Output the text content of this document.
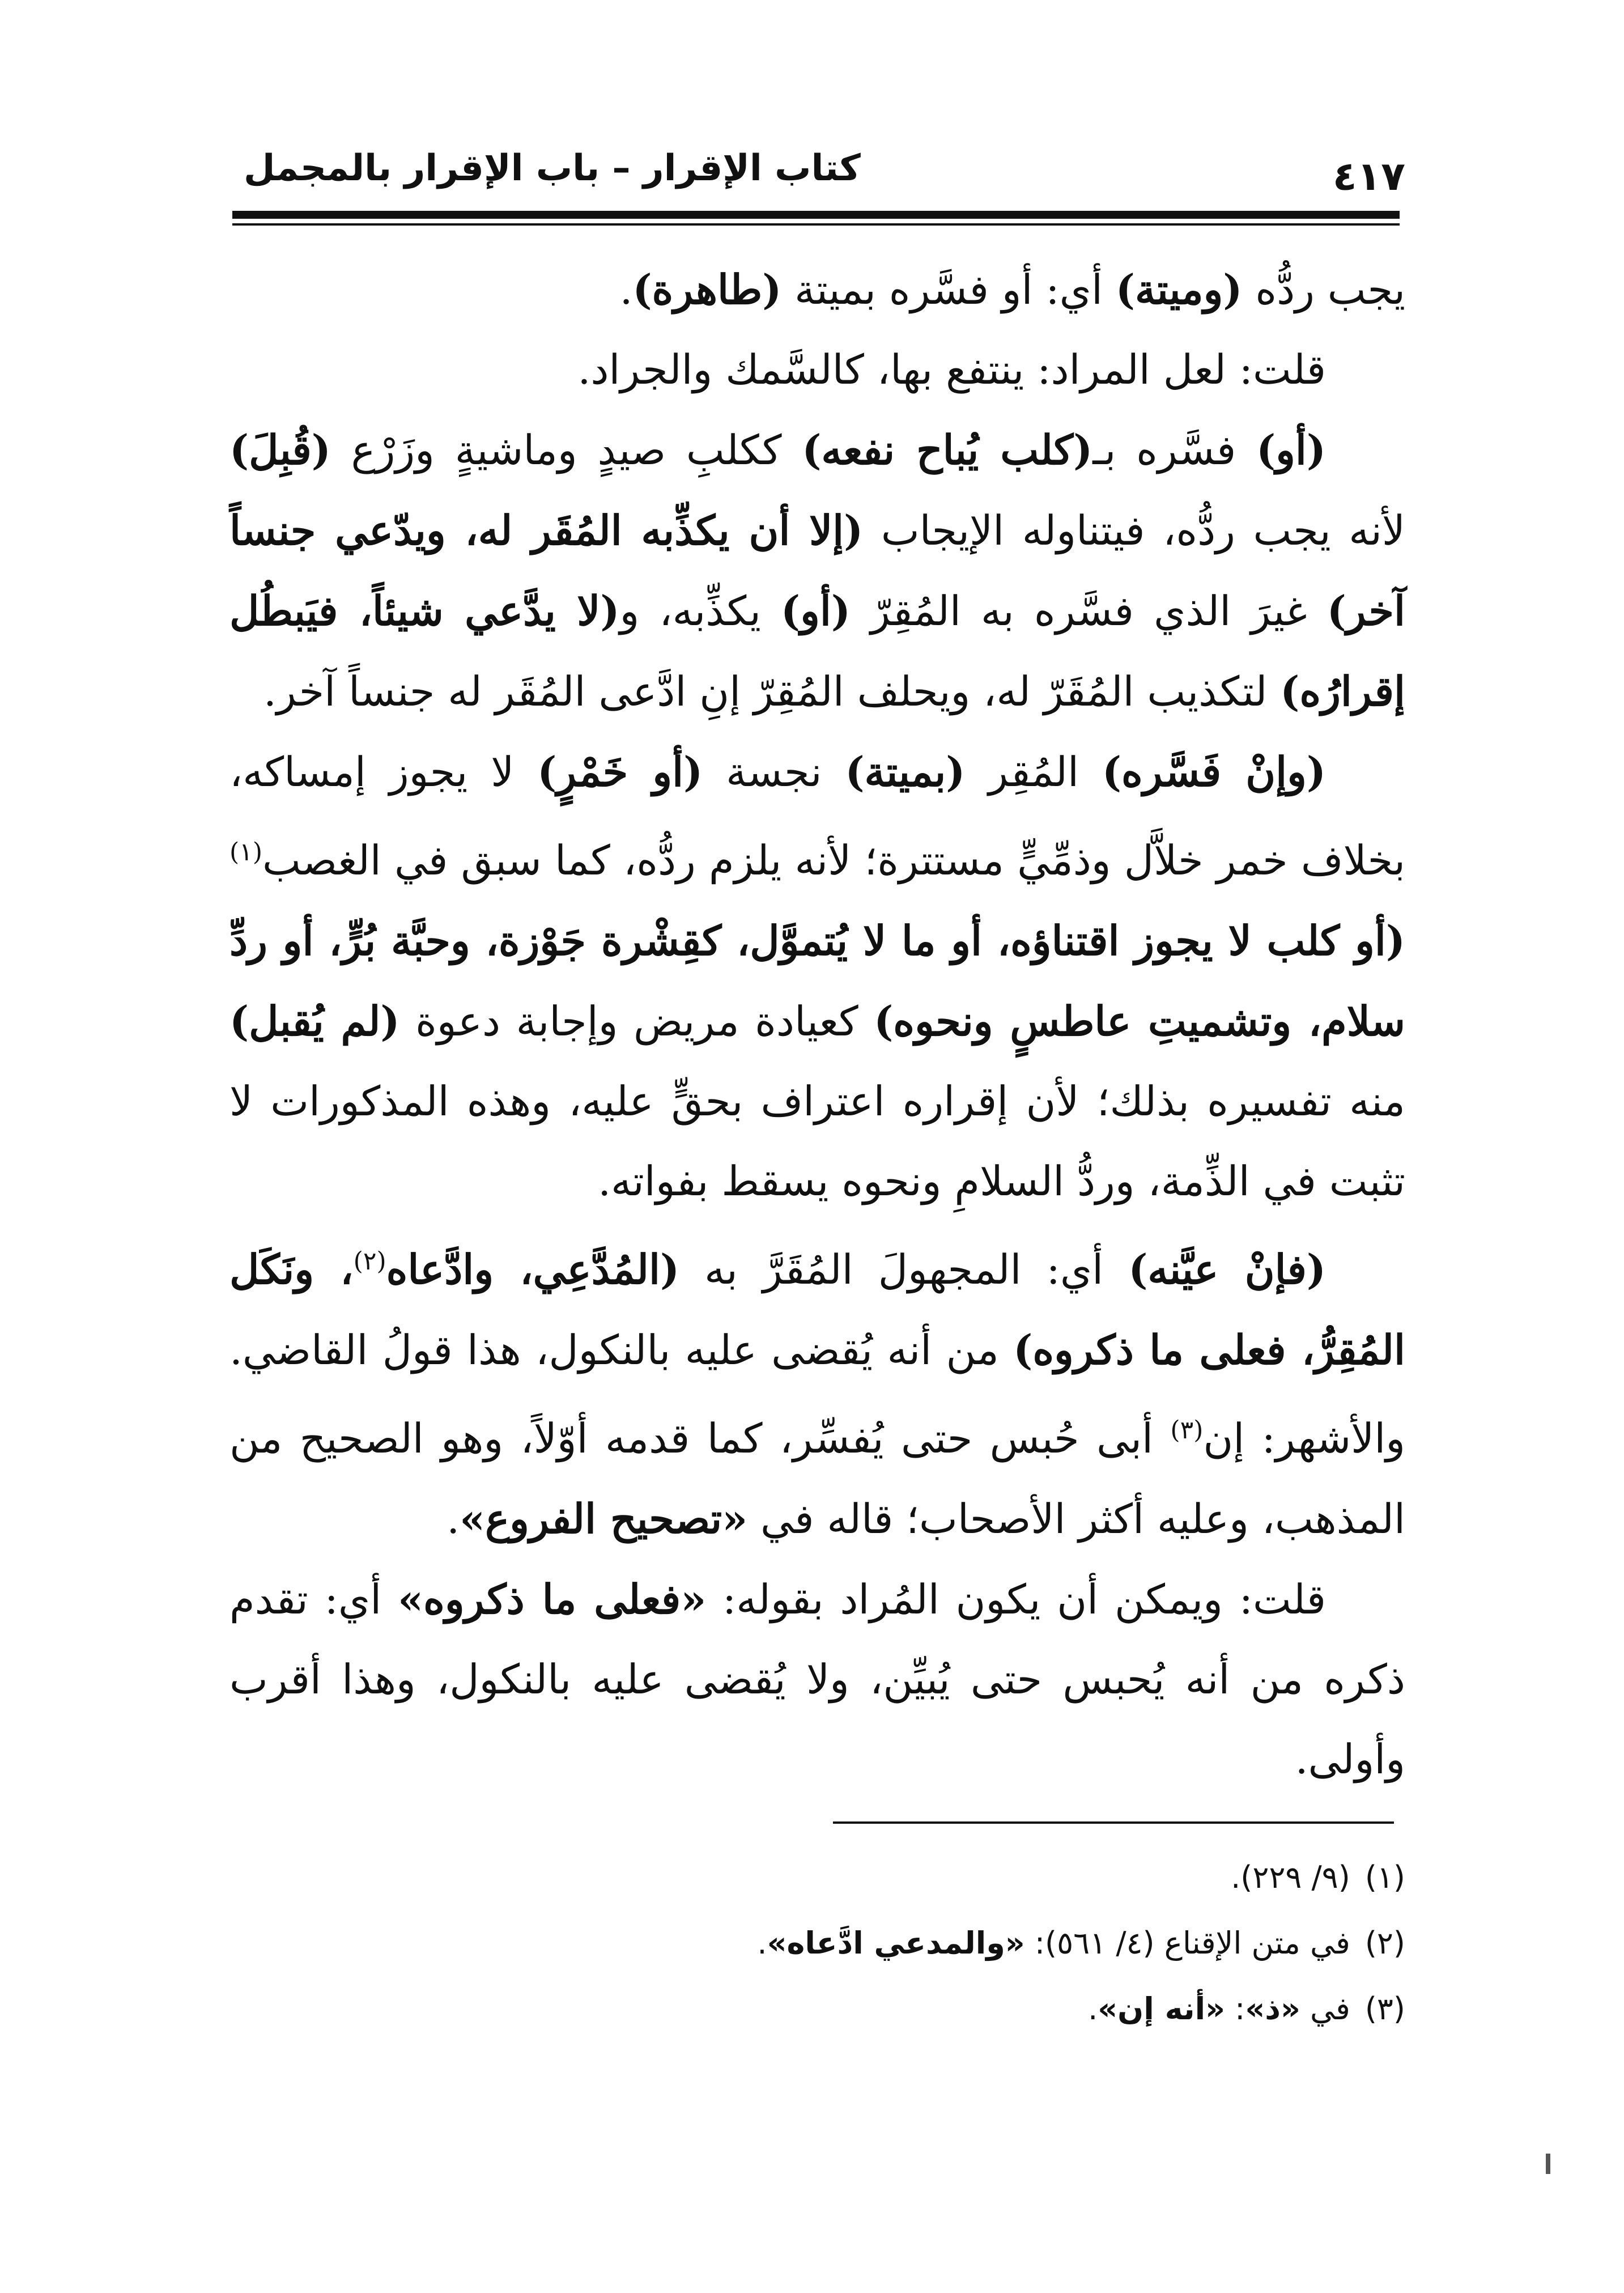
٤١٧
كتاب الإقرار – باب الإقرار بالمجمل

يجب ردُّه (وميتة) أي: أو فسَّره بميتة (طاهرة).

قلت: لعل المراد: ينتفع بها، كالسَّمك والجراد.

(أو) فسَّره بـ(كلب يُباح نفعه) ككلبِ صيدٍ وماشيةٍ وزَرْع (قُبِلَ) لأنه يجب ردُّه، فيتناوله الإيجاب (إلا أن يكذِّبه المُقَر له، ويدّعي جنساً آخر) غيرَ الذي فسَّره به المُقِرّ (أو) يكذِّبه، و(لا يدَّعي شيئاً، فيَبطُل إقرارُه) لتكذيب المُقَرّ له، ويحلف المُقِرّ إنِ ادَّعى المُقَر له جنساً آخر.

(وإنْ فَسَّره) المُقِر (بميتة) نجسة (أو خَمْرٍ) لا يجوز إمساكه، بخلاف خمر خلاَّل وذمِّيٍّ مستترة؛ لأنه يلزم ردُّه، كما سبق في الغصب$^{(١)}$ (أو كلب لا يجوز اقتناؤه، أو ما لا يُتموَّل، كقِشْرة جَوْزة، وحبَّة بُرٍّ، أو ردِّ سلام، وتشميتِ عاطسٍ ونحوه) كعيادة مريض وإجابة دعوة (لم يُقبل) منه تفسيره بذلك؛ لأن إقراره اعتراف بحقٍّ عليه، وهذه المذكورات لا تثبت في الذِّمة، وردُّ السلامِ ونحوه يسقط بفواته.

(فإنْ عيَّنه) أي: المجهولَ المُقَرَّ به (المُدَّعِي، وادَّعاه$^{(٢)}$، ونَكَل المُقِرُّ، فعلى ما ذكروه) من أنه يُقضى عليه بالنكول، هذا قولُ القاضي. والأشهر: إن$^{(٣)}$ أبى حُبس حتى يُفسِّر، كما قدمه أوّلاً، وهو الصحيح من المذهب، وعليه أكثر الأصحاب؛ قاله في «تصحيح الفروع».

قلت: ويمكن أن يكون المُراد بقوله: «فعلى ما ذكروه» أي: تقدم ذكره من أنه يُحبس حتى يُبيِّن، ولا يُقضى عليه بالنكول، وهذا أقرب وأولى.

(١)(٩/ ٢٢٩).

(٢)في متن الإقناع (٤/ ٥٦١): «والمدعي ادَّعاه».

(٣)في «ذ»: «أنه إن».
